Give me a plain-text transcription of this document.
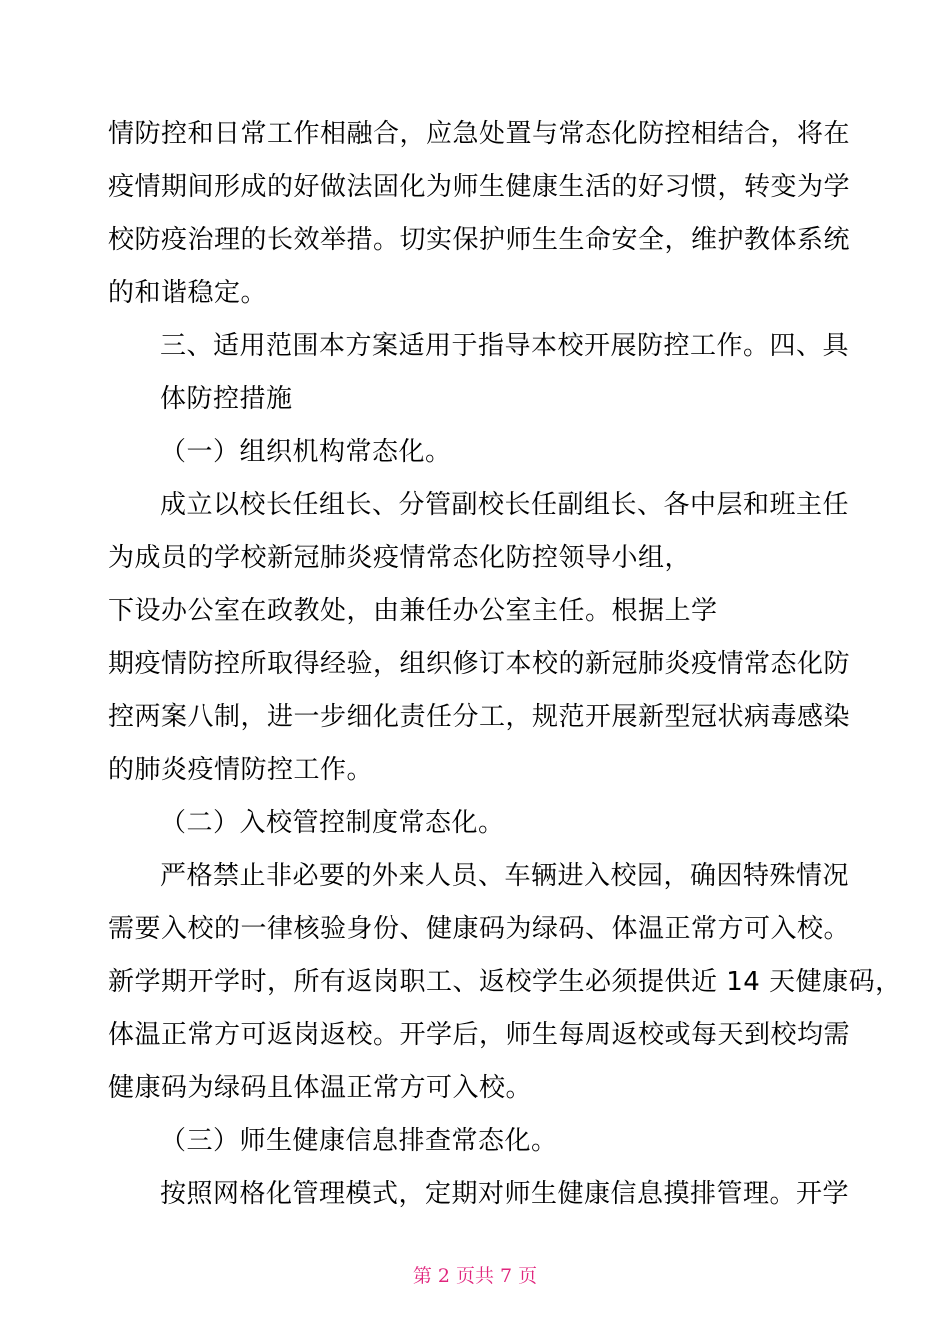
情防控和日常工作相融合，应急处置与常态化防控相结合，将在
疫情期间形成的好做法固化为师生健康生活的好习惯，转变为学
校防疫治理的长效举措。切实保护师生生命安全，维护教体系统
的和谐稳定。
三、适用范围本方案适用于指导本校开展防控工作。四、具
体防控措施
（一）组织机构常态化。
成立以校长任组长、分管副校长任副组长、各中层和班主任
为成员的学校新冠肺炎疫情常态化防控领导小组，
下设办公室在政教处，由兼任办公室主任。根据上学
期疫情防控所取得经验，组织修订本校的新冠肺炎疫情常态化防
控两案八制，进一步细化责任分工，规范开展新型冠状病毒感染
的肺炎疫情防控工作。
（二）入校管控制度常态化。
严格禁止非必要的外来人员、车辆进入校园，确因特殊情况
需要入校的一律核验身份、健康码为绿码、体温正常方可入校。
新学期开学时，所有返岗职工、返校学生必须提供近 14 天健康码，
体温正常方可返岗返校。开学后，师生每周返校或每天到校均需
健康码为绿码且体温正常方可入校。
（三）师生健康信息排查常态化。
按照网格化管理模式，定期对师生健康信息摸排管理。开学
第 2 页共 7 页
